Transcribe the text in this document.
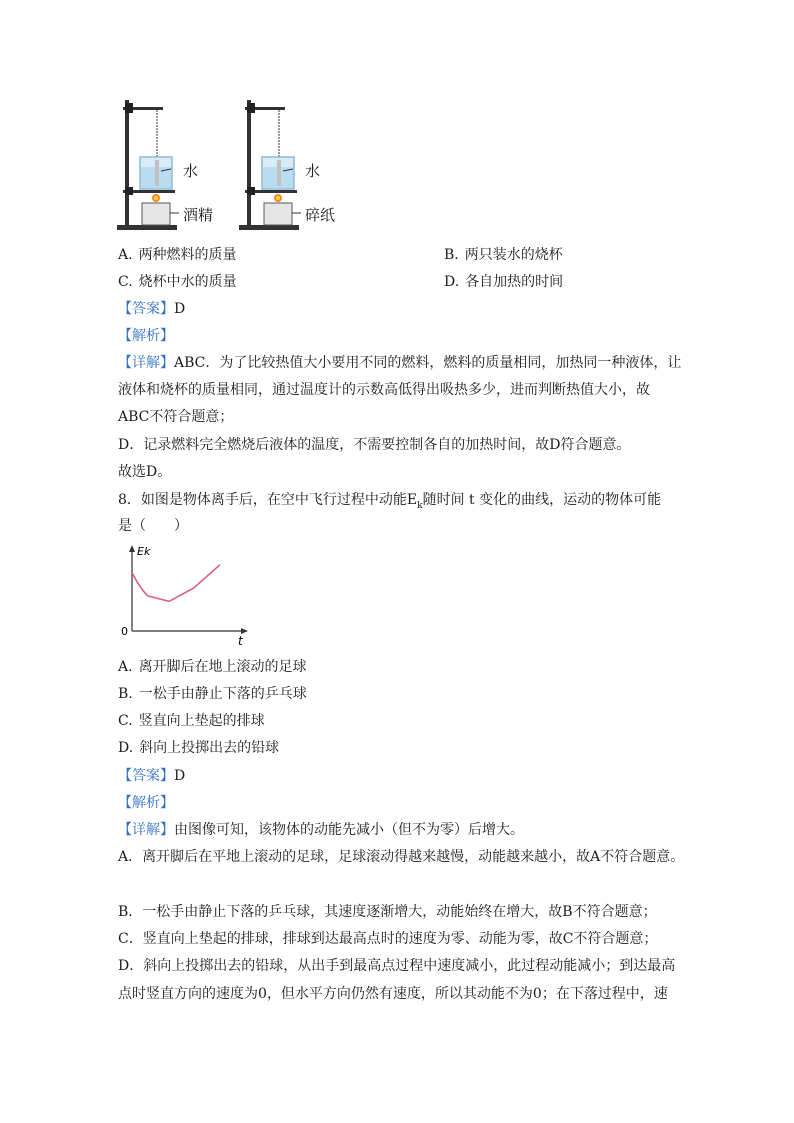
水
酒精
水
碎纸
A. 两种燃料的质量	B. 两只装水的烧杯
C. 烧杯中水的质量	D. 各自加热的时间
【答案】D
【解析】
【详解】ABC．为了比较热值大小要用不同的燃料，燃料的质量相同，加热同一种液体，让
液体和烧杯的质量相同，通过温度计的示数高低得出吸热多少，进而判断热值大小，故
ABC不符合题意；
D．记录燃料完全燃烧后液体的温度，不需要控制各自的加热时间，故D符合题意。
故选D。
8．如图是物体离手后，在空中飞行过程中动能$E_k$随时间 t 变化的曲线，运动的物体可能
是（　　）
Ek
t
0
A. 离开脚后在地上滚动的足球
B. 一松手由静止下落的乒乓球
C. 竖直向上垫起的排球
D. 斜向上投掷出去的铅球
【答案】D
【解析】
【详解】由图像可知，该物体的动能先减小（但不为零）后增大。
A．离开脚后在平地上滚动的足球，足球滚动得越来越慢，动能越来越小，故A不符合题意。
B．一松手由静止下落的乒乓球，其速度逐渐增大，动能始终在增大，故B不符合题意；
C．竖直向上垫起的排球，排球到达最高点时的速度为零、动能为零，故C不符合题意；
D．斜向上投掷出去的铅球，从出手到最高点过程中速度减小，此过程动能减小；到达最高
点时竖直方向的速度为0，但水平方向仍然有速度，所以其动能不为0；在下落过程中，速
